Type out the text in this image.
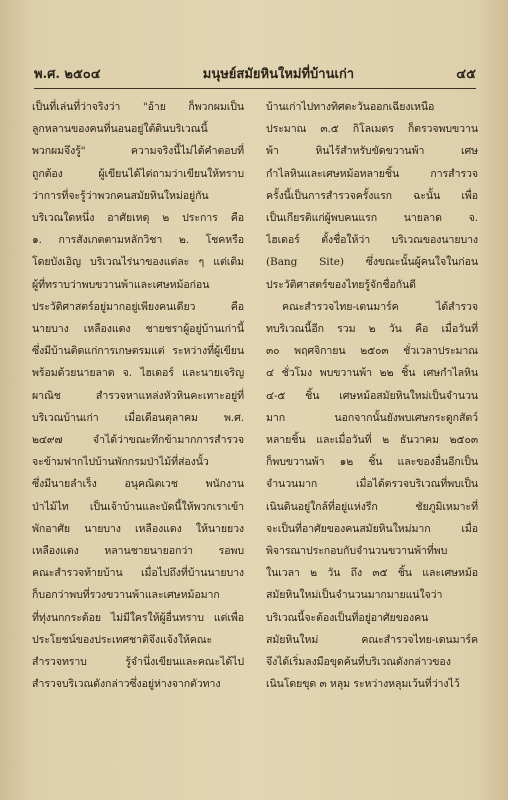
พ.ศ. ๒๕๐๔	มนุษย์สมัยหินใหม่ที่บ้านเก่า	๔๕
เป็นที่เล่นที่ว่าจริงว่า "อ้าย ก็พวกผมเป็น
ลูกหลานของคนที่นอนอยู่ใต้ดินบริเวณนี้
พวกผมจึงรู้" ความจริงนี้ไม่ได้คำตอบที่
ถูกต้อง ผู้เขียนได้ไต่ถามว่าเขียนให้ทราบ
ว่าการที่จะรู้ว่าพวกคนสมัยหินใหม่อยู่กัน
บริเวณใดหนึ่ง อาศัยเหตุ ๒ ประการ คือ
๑. การสังเกตตามหลักวิชา ๒. โชคหรือ
โดยบังเอิญ บริเวณไร่นาของแต่ละ ๆ แต่เดิม
ผู้ที่ทราบว่าพบขวานพ้าและเศษหม้อก่อน
ประวัติศาสตร์อยู่มากอยู่เพียงคนเดียว คือ
นายบาง เหลืองแดง ชายชราผู้อยู่บ้านเก่านี้
ซึ่งมีบ้านติดแก่การเกษตรมแต่ ระหว่างที่ผู้เขียน
พร้อมด้วยนายลาด จ. ไฮเดอร์ และนายเจริญ
ผาณิช สำรวจหาแหล่งหัวหินคะเทาะอยู่ที่
บริเวณบ้านเก่า เมื่อเดือนตุลาคม พ.ศ.
๒๔๙๗ จำได้ว่าขณะทึกข้ามากการสำรวจ
จะข้ามฟากไปบ้านพักกรมป่าไม้ที่ส่องนั้ว
ซึ่งมีนายลำเร็ง อนุคณิตเวช พนักงาน
ป่าไม้ไท เป็นเจ้าบ้านและบัดนี้ให้พวกเราเข้า
พักอาศัย นายบาง เหลืองแดง ให้นายยวง
เหลืองแดง หลานชายนายอกว่า รอพบ
คณะสำรวจท้ายบ้าน เมื่อไปถึงที่บ้านนายบาง
ก็บอกว่าพบที่รวงขวานพ้าและเศษหม้อมาก
ที่ทุ่งนกกระต้อย ไม่มีใครให้ผู้อื่นทราบ แต่เพื่อ
ประโยชน์ของประเทศชาติจึงแจ้งให้คณะ
สำรวจทราบ รู้จำนึ่งเขียนและคณะได้ไป
สำรวจบริเวณดังกล่าวซึ่งอยู่ห่างจากตัวทาง
บ้านเก่าไปทางทิศตะวันออกเฉียงเหนือ
ประมาณ ๓.๕ กิโลเมตร ก็ตรวจพบขวาน
พ้า หินไร้สำหรับขัดขวานพ้า เศษ
กำไลหินและเศษหม้อหลายชิ้น การสำรวจ
ครั้งนี้เป็นการสำรวจครั้งแรก ฉะนั้น เพื่อ
เป็นเกียรติแก่ผู้พบคนแรก นายลาด จ.
ไฮเดอร์ ตั้งชื่อให้ว่า บริเวณของนายบาง
(Bang Site) ซึ่งขณะนั้นผู้คนใจในก่อน
ประวัติศาสตร์ของไทยรู้จักชื่อกันดี
คณะสำรวจไทย-เดนมาร์ค ได้สำรวจ
ทบริเวณนี้อีก รวม ๒ วัน คือ เมื่อวันที่
๓๐ พฤศจิกายน ๒๕๐๓ ชั่วเวลาประมาณ
๔ ชั่วโมง พบขวานพ้า ๒๒ ชิ้น เศษกำไลหิน
๔-๕ ชิ้น เศษหม้อสมัยหินใหม่เป็นจำนวน
มาก นอกจากนั้นยังพบเศษกระดูกสัตว์
หลายชิ้น และเมื่อวันที่ ๒ ธันวาคม ๒๕๐๓
ก็พบขวานพ้า ๑๒ ชิ้น และของอื่นอีกเป็น
จำนวนมาก เมื่อได้ตรวจบริเวณที่พบเป็น
เนินดินอยู่ใกล้ที่อยู่แห่งรีก ชัยภูมิเหมาะที่
จะเป็นที่อาศัยของคนสมัยหินใหม่มาก เมื่อ
พิจารณาประกอบกับจำนวนขวานพ้าที่พบ
ในเวลา ๒ วัน ถึง ๓๕ ชิ้น และเศษหม้อ
สมัยหินใหม่เป็นจำนวนมากมายแน่ใจว่า
บริเวณนี้จะต้องเป็นที่อยู่อาศัยของคน
สมัยหินใหม่ คณะสำรวจไทย-เดนมาร์ค
จึงได้เริ่มลงมือขุดค้นที่บริเวณดังกล่าวของ
เนินโดยขุด ๓ หลุม ระหว่างหลุมเว้นที่ว่างไว้
